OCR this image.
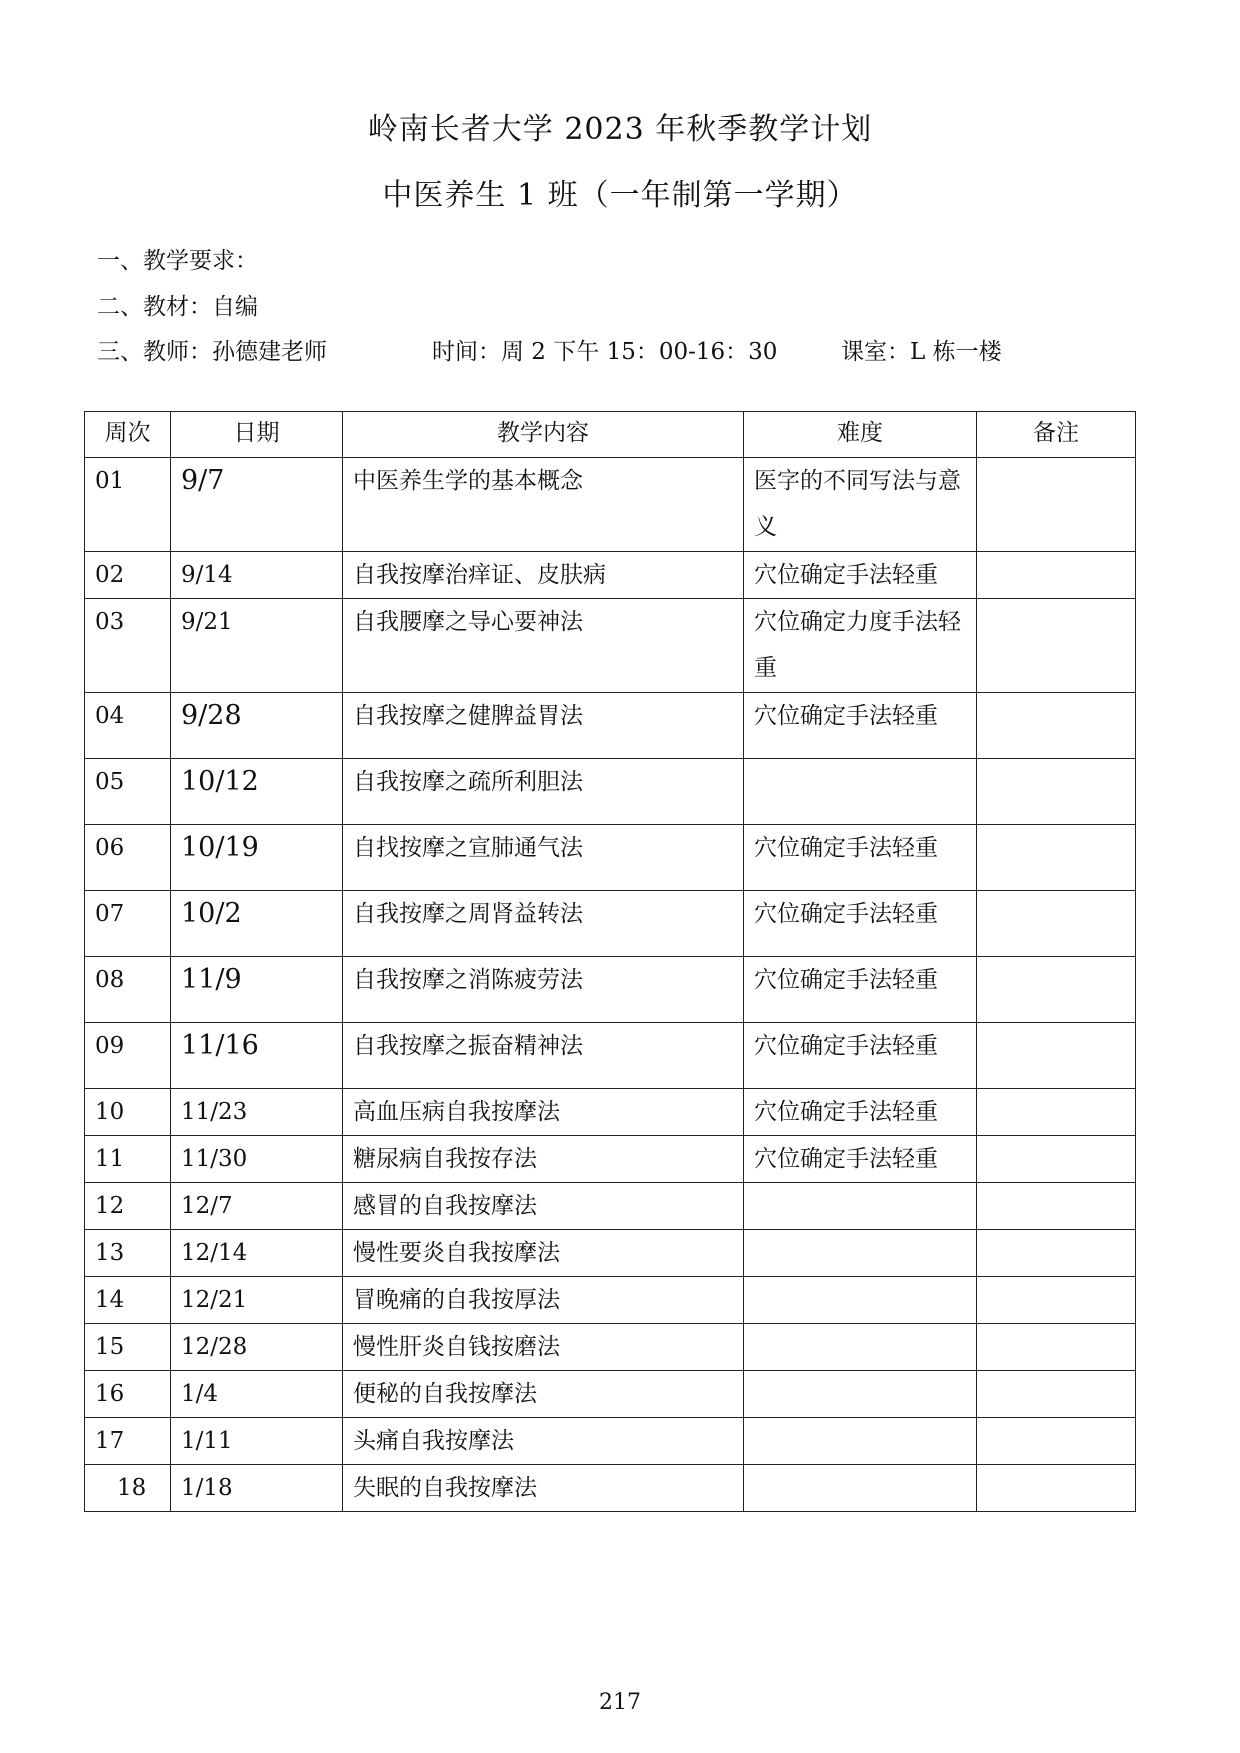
岭南长者大学 2023 年秋季教学计划
中医养生 1 班（一年制第一学期）
一、教学要求：
二、教材：自编
三、教师：孙德建老师	时间：周 2 下午 15：00-16：30	课室：L 栋一楼
周次	日期	教学内容	难度	备注
01	9/7	中医养生学的基本概念	医字的不同写法与意义	
02	9/14	自我按摩治痒证、皮肤病	穴位确定手法轻重	
03	9/21	自我腰摩之导心要神法	穴位确定力度手法轻重	
04	9/28	自我按摩之健脾益胃法	穴位确定手法轻重	
05	10/12	自我按摩之疏所利胆法		
06	10/19	自找按摩之宣肺通气法	穴位确定手法轻重	
07	10/2	自我按摩之周肾益转法	穴位确定手法轻重	
08	11/9	自我按摩之消陈疲劳法	穴位确定手法轻重	
09	11/16	自我按摩之振奋精神法	穴位确定手法轻重	
10	11/23	高血压病自我按摩法	穴位确定手法轻重	
11	11/30	糖尿病自我按存法	穴位确定手法轻重	
12	12/7	感冒的自我按摩法		
13	12/14	慢性要炎自我按摩法		
14	12/21	冒晚痛的自我按厚法		
15	12/28	慢性肝炎自钱按磨法		
16	1/4	便秘的自我按摩法		
17	1/11	头痛自我按摩法		
18	1/18	失眠的自我按摩法		
217
